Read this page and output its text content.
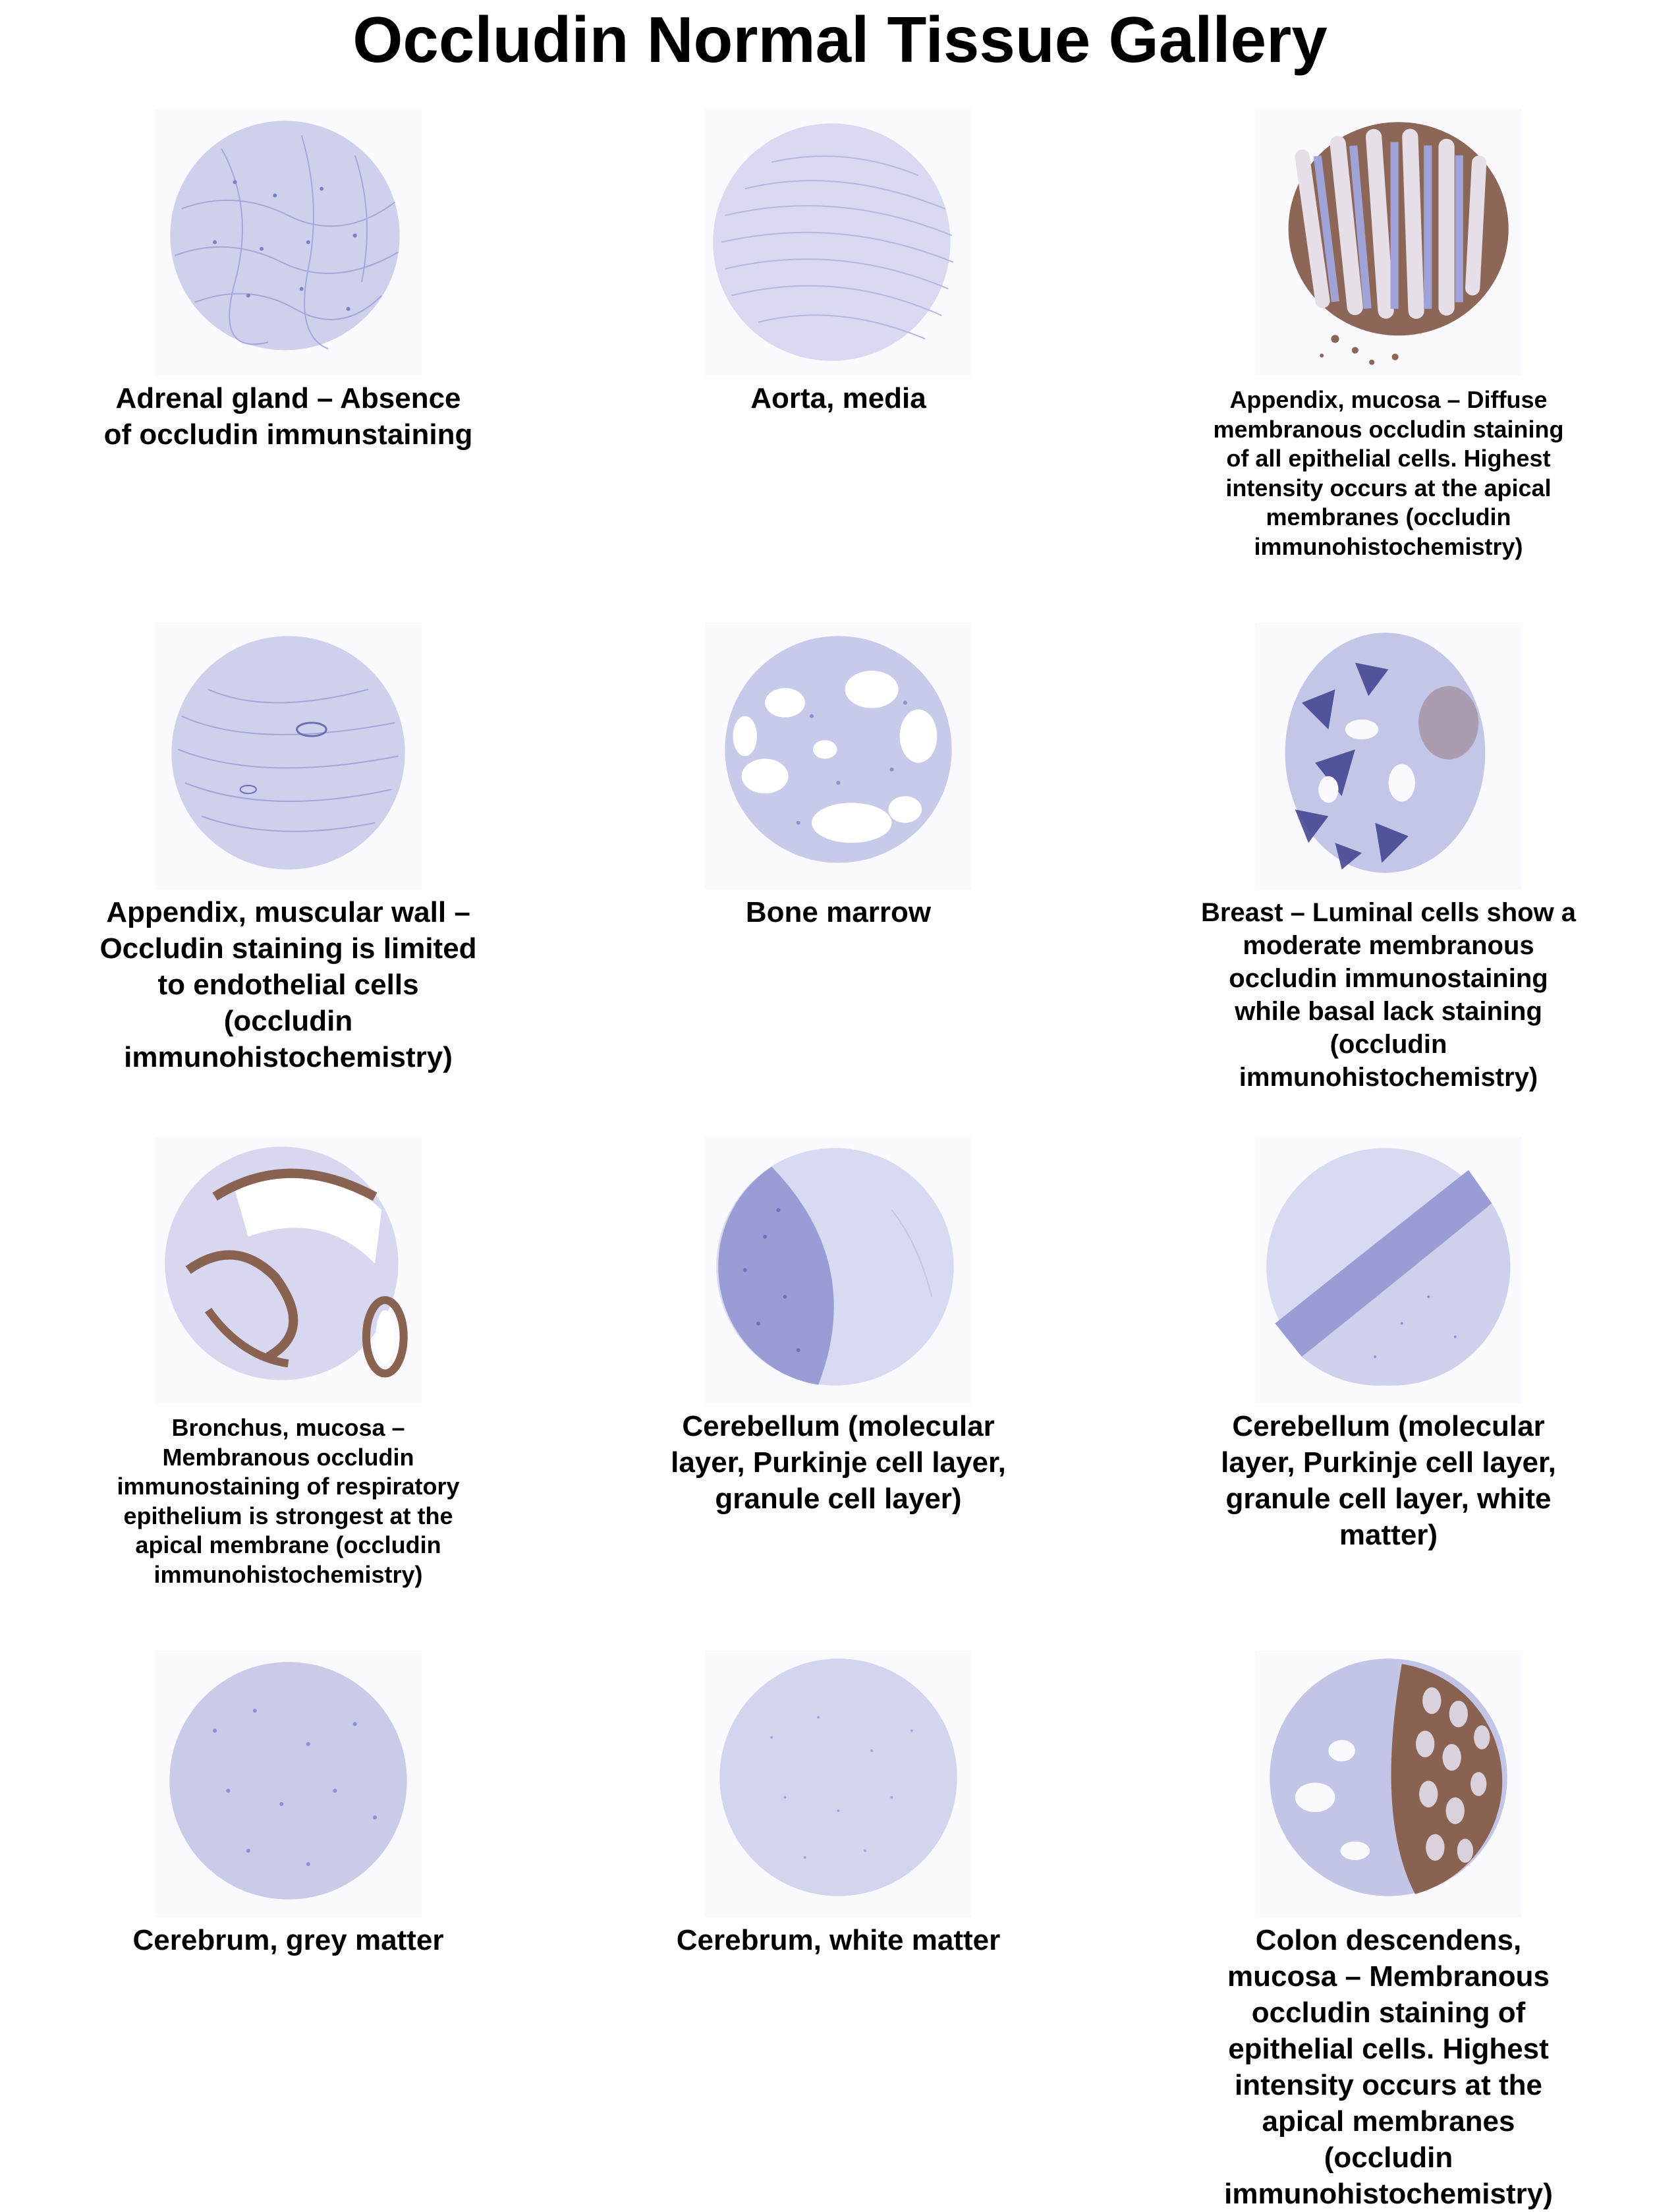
Occludin Normal Tissue Gallery
Adrenal gland – Absence of occludin immunstaining
Aorta, media	Appendix, mucosa – Diffuse membranous occludin staining of all epithelial cells. Highest intensity occurs at the apical membranes (occludin immunohistochemistry)
Appendix, muscular wall – Occludin staining is limited to endothelial cells (occludin immunohistochemistry)
Bone marrow	Breast – Luminal cells show a moderate membranous occludin immunostaining while basal lack staining (occludin immunohistochemistry)
Bronchus, mucosa – Membranous occludin immunostaining of respiratory epithelium is strongest at the apical membrane (occludin immunohistochemistry)
Cerebellum (molecular layer, Purkinje cell layer, granule cell layer)
Cerebellum (molecular layer, Purkinje cell layer, granule cell layer, white matter)
Cerebrum, grey matter	Cerebrum, white matter	Colon descendens, mucosa – Membranous occludin staining of epithelial cells. Highest intensity occurs at the apical membranes (occludin immunohistochemistry)
